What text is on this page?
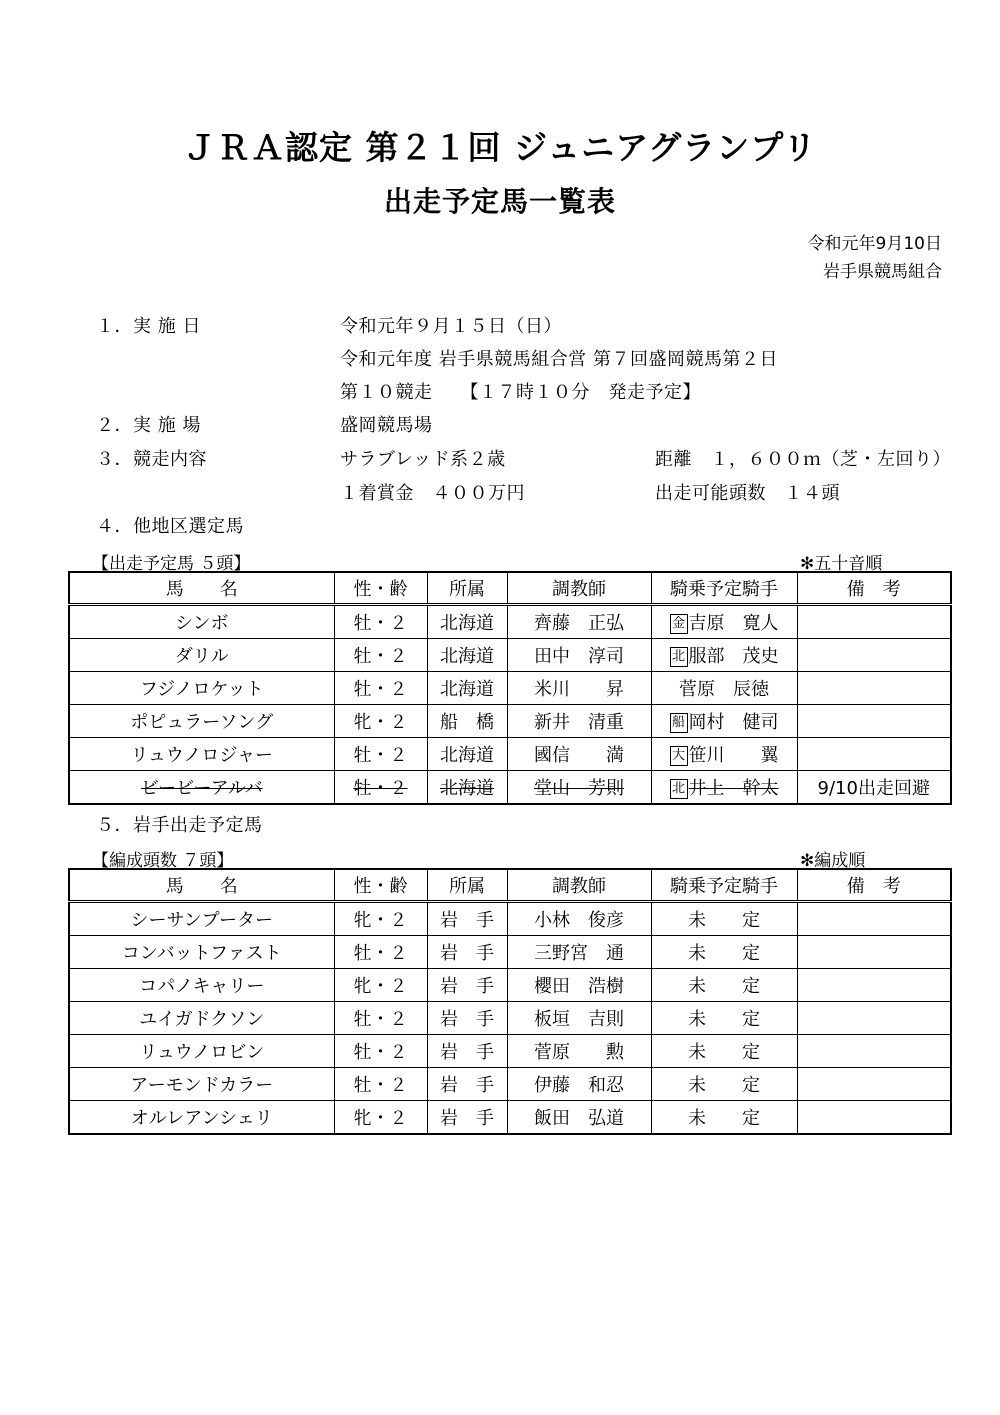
ＪＲＡ認定 第２１回 ジュニアグランプリ
出走予定馬一覧表
令和元年9月10日
岩手県競馬組合
１．実 施 日	令和元年９月１５日（日）
令和元年度 岩手県競馬組合営 第７回盛岡競馬第２日
第１０競走　　【１７時１０分　発走予定】
２．実 施 場	盛岡競馬場
３．競走内容	サラブレッド系２歳	距離　１，６００ｍ（芝・左回り）
１着賞金　４００万円	出走可能頭数　１４頭
４．他地区選定馬
【出走予定馬 ５頭】	✻五十音順
馬　　名	性・齢	所属	調教師	騎乗予定騎手	備　考
シンボ	牡・２	北海道	齊藤　正弘	金 吉原　寛人	
ダリル	牡・２	北海道	田中　淳司	北 服部　茂史	
フジノロケット	牡・２	北海道	米川　　昇	菅原　辰徳	
ポピュラーソング	牝・２	船　橋	新井　清重	船 岡村　健司	
リュウノロジャー	牡・２	北海道	國信　　満	大 笹川　　翼	
ビービーアルバ	牡・２	北海道	堂山　芳則	北 井上　幹太	9/10出走回避
５．岩手出走予定馬
【編成頭数 ７頭】	✻編成順
馬　　名	性・齢	所属	調教師	騎乗予定騎手	備　考
シーサンプーター	牝・２	岩　手	小林　俊彦	未　　定	
コンバットファスト	牡・２	岩　手	三野宮　通	未　　定	
コパノキャリー	牝・２	岩　手	櫻田　浩樹	未　　定	
ユイガドクソン	牡・２	岩　手	板垣　吉則	未　　定	
リュウノロビン	牡・２	岩　手	菅原　　勲	未　　定	
アーモンドカラー	牡・２	岩　手	伊藤　和忍	未　　定	
オルレアンシェリ	牝・２	岩　手	飯田　弘道	未　　定	
